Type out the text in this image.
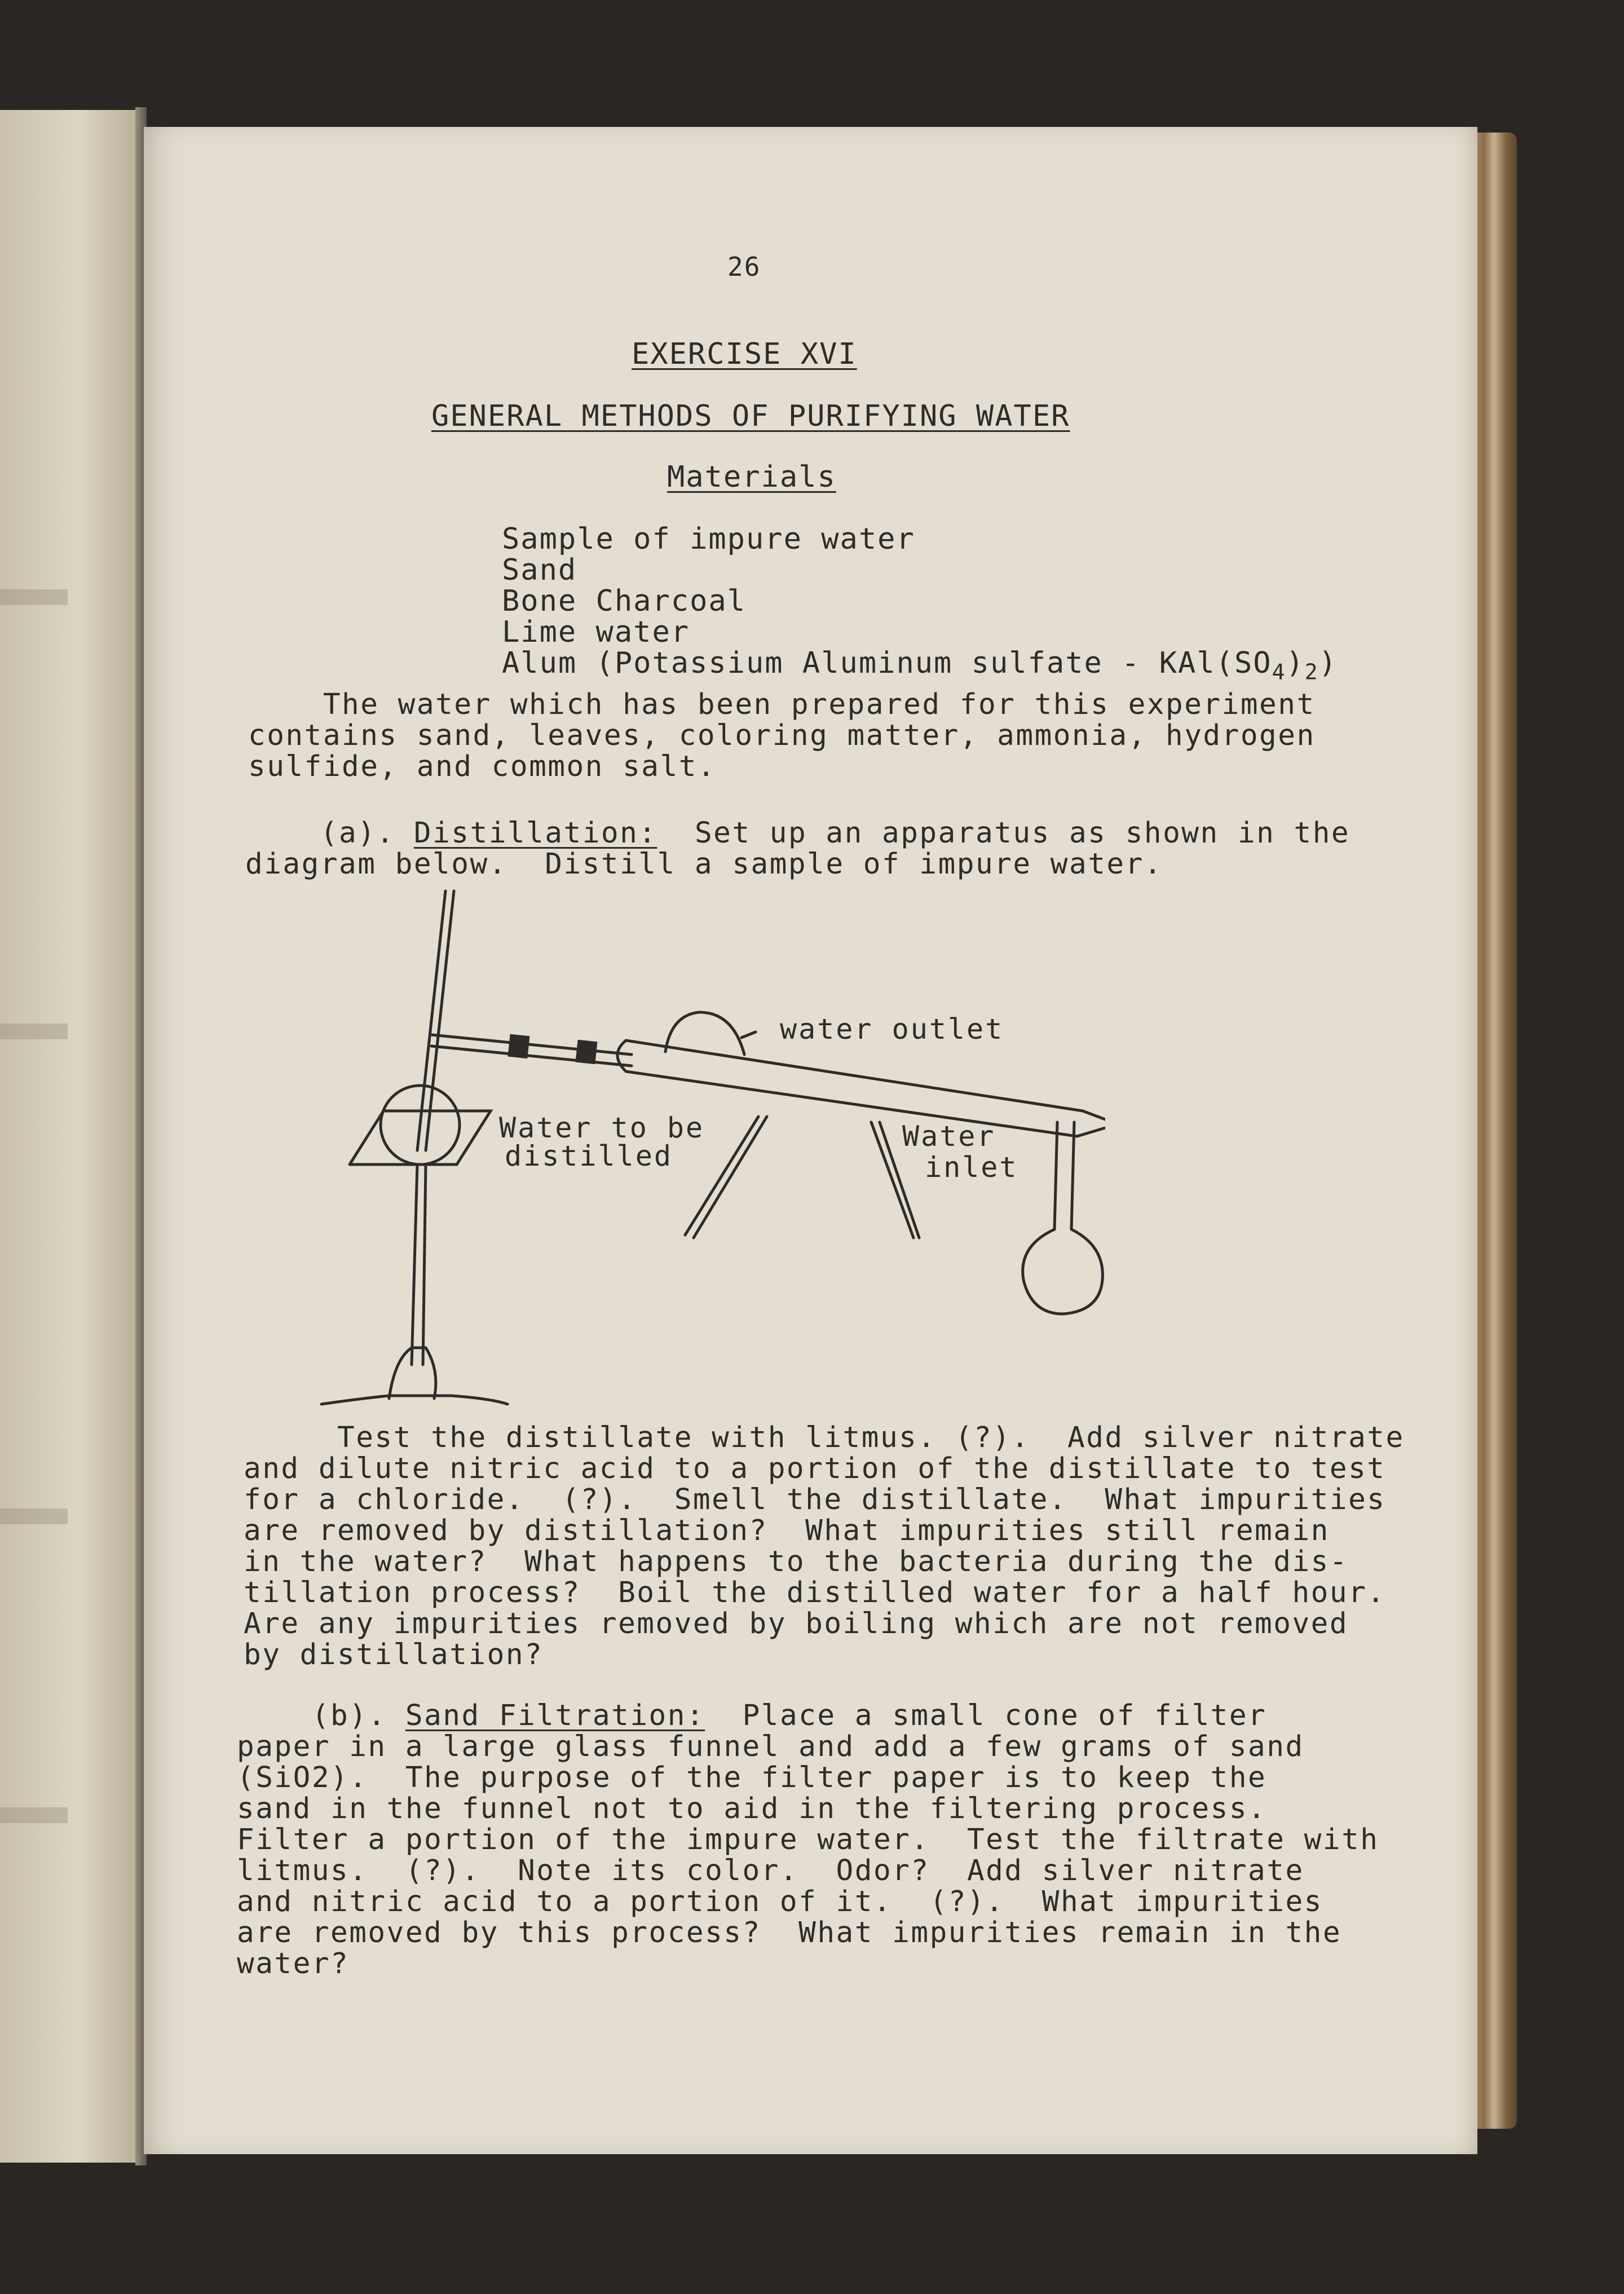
26
EXERCISE XVI
GENERAL METHODS OF PURIFYING WATER
Materials
Sample of impure water
Sand
Bone Charcoal
Lime water
Alum (Potassium Aluminum sulfate - $KAl(SO_4)_2$)
The water which has been prepared for this experiment
contains sand, leaves, coloring matter, ammonia, hydrogen
sulfide, and common salt.
(a). Distillation:  Set up an apparatus as shown in the
diagram below.  Distill a sample of impure water.
water outlet
Water to be
distilled
Water
inlet
Test the distillate with litmus. (?).  Add silver nitrate
and dilute nitric acid to a portion of the distillate to test
for a chloride.  (?).  Smell the distillate.  What impurities
are removed by distillation?  What impurities still remain
in the water?  What happens to the bacteria during the dis-
tillation process?  Boil the distilled water for a half hour.
Are any impurities removed by boiling which are not removed
by distillation?
(b). Sand Filtration:  Place a small cone of filter
paper in a large glass funnel and add a few grams of sand
(SiO2).  The purpose of the filter paper is to keep the
sand in the funnel not to aid in the filtering process.
Filter a portion of the impure water.  Test the filtrate with
litmus.  (?).  Note its color.  Odor?  Add silver nitrate
and nitric acid to a portion of it.  (?).  What impurities
are removed by this process?  What impurities remain in the
water?
